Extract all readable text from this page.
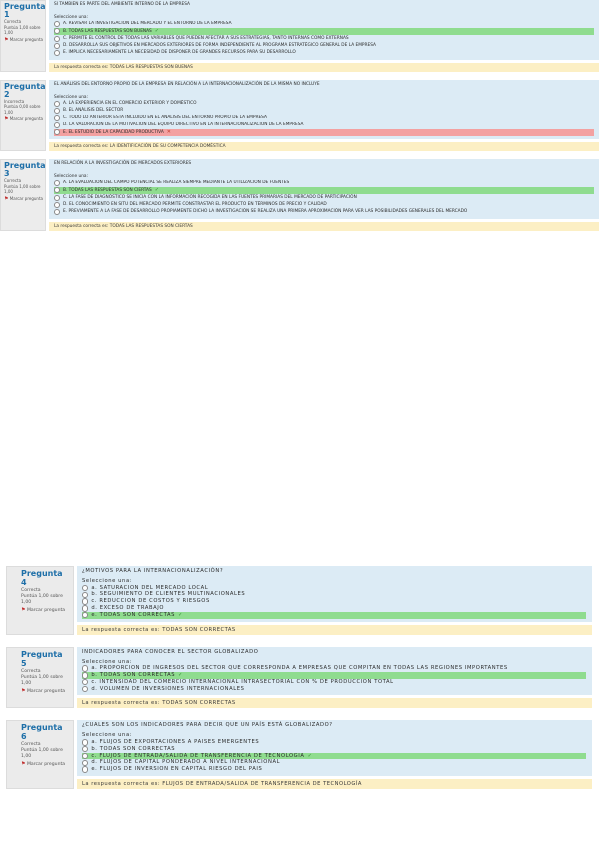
Pregunta 1
Correcta
Puntúa 1,00 sobre 1,00
⚑ Marcar pregunta
SI TAMBIEN ES PARTE DEL AMBIENTE INTERNO DE LA EMPRESA
Seleccione una:
A. REVISAR LA INVESTIGACIÓN DEL MERCADO Y EL ENTORNO DE LA EMPRESA
B. TODAS LAS RESPUESTAS SON BUENAS ✓
C. PERMITE EL CONTROL DE TODAS LAS VARIABLES QUE PUEDEN AFECTAR A SUS ESTRATEGIAS, TANTO INTERNAS COMO EXTERNAS
D. DESARROLLA SUS OBJETIVOS EN MERCADOS EXTERIORES DE FORMA INDEPENDIENTE AL PROGRAMA ESTRATÉGICO GENERAL DE LA EMPRESA
E. IMPLICA NECESARIAMENTE LA NECESIDAD DE DISPONER DE GRANDES RECURSOS PARA SU DESARROLLO
La respuesta correcta es: TODAS LAS RESPUESTAS SON BUENAS
Pregunta 2
Incorrecta
Puntúa 0,00 sobre 1,00
⚑ Marcar pregunta
EL ANÁLISIS DEL ENTORNO PROPIO DE LA EMPRESA EN RELACIÓN A LA INTERNACIONALIZACIÓN DE LA MISMA NO INCLUYE
Seleccione una:
A. LA EXPERIENCIA EN EL COMERCIO EXTERIOR Y DOMÉSTICO
B. EL ANÁLISIS DEL SECTOR
C. TODO LO ANTERIOR ESTÁ INCLUIDO EN EL ANÁLISIS DEL ENTORNO PROPIO DE LA EMPRESA
D. LA VALORACIÓN DE LA MOTIVACIÓN DEL EQUIPO DIRECTIVO EN LA INTERNACIONALIZACIÓN DE LA EMPRESA
E. EL ESTUDIO DE LA CAPACIDAD PRODUCTIVA ✕
La respuesta correcta es: LA IDENTIFICACIÓN DE SU COMPETENCIA DOMÉSTICA
Pregunta 3
Correcta
Puntúa 1,00 sobre 1,00
⚑ Marcar pregunta
EN RELACIÓN A LA INVESTIGACIÓN DE MERCADOS EXTERIORES
Seleccione una:
A. LA EVALUACIÓN DEL CAMPO POTENCIAL SE REALIZA SIEMPRE MEDIANTE LA UTILIZACIÓN DE FUENTES
B. TODAS LAS RESPUESTAS SON CIERTAS ✓
C. LA FASE DE DIAGNÓSTICO SE INICIA CON LA INFORMACIÓN RECOGIDA EN LAS FUENTES PRIMARIAS DEL MERCADO DE PARTICIPACIÓN
D. EL CONOCIMIENTO EN SITU DEL MERCADO PERMITE CONSTRASTAR EL PRODUCTO EN TÉRMINOS DE PRECIO Y CALIDAD
E. PREVIAMENTE A LA FASE DE DESARROLLO PROPIAMENTE DICHO LA INVESTIGACIÓN SE REALIZA UNA PRIMERA APROXIMACIÓN PARA VER LAS POSIBILIDADES GENERALES DEL MERCADO
La respuesta correcta es: TODAS LAS RESPUESTAS SON CIERTAS
Pregunta 4
Correcta
Puntúa 1,00 sobre 1,00
⚑ Marcar pregunta
¿MOTIVOS PARA LA INTERNACIONALIZACIÓN?
Seleccione una:
a. SATURACIÓN DEL MERCADO LOCAL
b. SEGUIMIENTO DE CLIENTES MULTINACIONALES
c. REDUCCIÓN DE COSTOS Y RIESGOS
d. EXCESO DE TRABAJO
e. TODAS SON CORRECTAS ✓
La respuesta correcta es: TODAS SON CORRECTAS
Pregunta 5
Correcta
Puntúa 1,00 sobre 1,00
⚑ Marcar pregunta
INDICADORES PARA CONOCER EL SECTOR GLOBALIZADO
Seleccione una:
a. PROPORCIÓN DE INGRESOS DEL SECTOR QUE CORRESPONDA A EMPRESAS QUE COMPITAN EN TODAS LAS REGIONES IMPORTANTES
b. TODAS SON CORRECTAS ✓
c. INTENSIDAD DEL COMERCIO INTERNACIONAL INTRASECTORIAL CON % DE PRODUCCIÓN TOTAL
d. VOLUMEN DE INVERSIONES INTERNACIONALES
La respuesta correcta es: TODAS SON CORRECTAS
Pregunta 6
Correcta
Puntúa 1,00 sobre 1,00
⚑ Marcar pregunta
¿CUALES SON LOS INDICADORES PARA DECIR QUE UN PAÍS ESTÁ GLOBALIZADO?
Seleccione una:
a. FLUJOS DE EXPORTACIONES A PAÍSES EMERGENTES
b. TODAS SON CORRECTAS
c. FLUJOS DE ENTRADA/SALIDA DE TRANSFERENCIA DE TECNOLOGÍA ✓
d. FLUJOS DE CAPITAL PONDERADO A NIVEL INTERNACIONAL
e. FLUJOS DE INVERSIÓN EN CAPITAL RIESGO DEL PAÍS
La respuesta correcta es: FLUJOS DE ENTRADA/SALIDA DE TRANSFERENCIA DE TECNOLOGÍA
